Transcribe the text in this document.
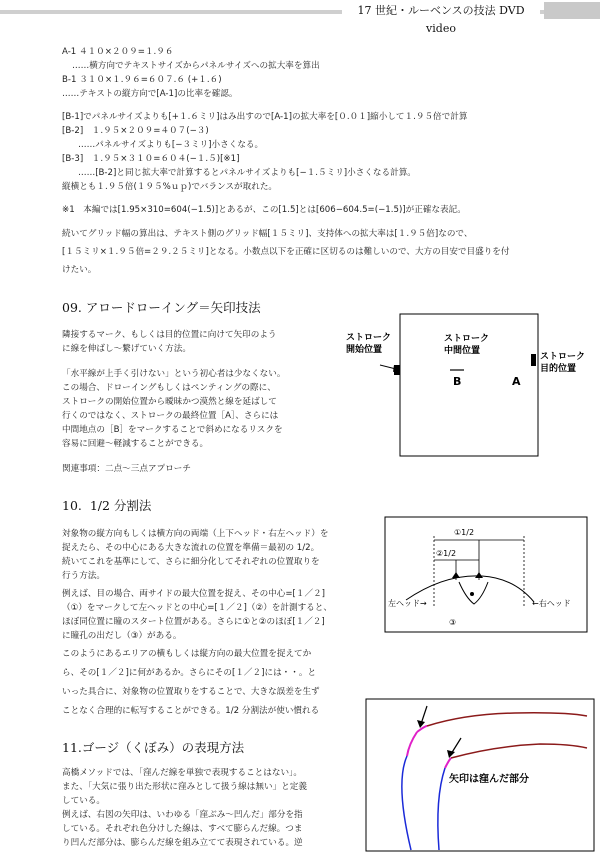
17 世紀・ルーベンスの技法 DVD video
A-1 ４１０×２０９=１.９６
……横方向でテキストサイズからパネルサイズへの拡大率を算出
B-1 ３１０×１.９６=６０７.６ (+１.６)
……テキストの縦方向で[A-1]の比率を確認。
[B-1]でパネルサイズよりも[+１.６ミリ]はみ出すので[A-1]の拡大率を[０.０１]縮小して１.９５倍で計算
[B-2]　１.９５×２０９=４０７(−３)
……パネルサイズよりも[−３ミリ]小さくなる。
[B-3]　１.９５×３１０=６０４(−１.５)[※1]
……[B-2]と同じ拡大率で計算するとパネルサイズよりも[−１.５ミリ]小さくなる計算。
縦横とも１.９５倍(１９５%ｕｐ)でバランスが取れた。
※1　本編では[1.95×310=604(−1.5)]とあるが、この[1.5]とは[606−604.5=(−1.5)]が正確な表記。
続いてグリッド幅の算出は、テキスト側のグリッド幅[１５ミリ]、支持体への拡大率は[１.９５倍]なので、
[１５ミリ×１.９５倍=２９.２５ミリ]となる。小数点以下を正確に区切るのは難しいので、大方の目安で目盛りを付
けたい。
09. アロードローイング＝矢印技法
隣接するマーク、もしくは目的位置に向けて矢印のよう
に線を伸ばし～繋げていく方法。
「水平線が上手く引けない」という初心者は少なくない。
この場合、ドローイングもしくはペンティングの際に、
ストロークの開始位置から曖昧かつ漠然と線を延ばして
行くのではなく、ストロークの最終位置［A］、さらには
中間地点の［B］をマークすることで斜めになるリスクを
容易に回避～軽減することができる。
関連事項：二点～三点アプローチ
ストローク
開始位置
ストローク
中間位置
B	A
ストローク
目的位置
10.  1/2 分割法
対象物の縦方向もしくは横方向の両端（上下ヘッド・右左ヘッド）を
捉えたら、その中心にある大きな流れの位置を準備＝最初の 1/2。
続いてこれを基準にして、さらに細分化してそれぞれの位置取りを
行う方法。
例えば、目の場合、両サイドの最大位置を捉え、その中心=[１／２]
（①）をマークして左ヘッドとの中心=[１／２]（②）を計測すると、
ほぼ同位置に瞳のスタート位置がある。さらに①と②のほぼ[１／２]
に瞳孔の出だし（③）がある。
このようにあるエリアの横もしくは縦方向の最大位置を捉えてか
ら、その[１／２]に何があるか。さらにその[１／２]には・・。と
いった具合に、対象物の位置取りをすることで、大きな誤差を生ず
ことなく合理的に転写することができる。1/2 分割法が使い慣れる
①1/2
②1/2
左ヘッド→	←右ヘッド
③
11.ゴージ（くぼみ）の表現方法
高橋メソッドでは、「窪んだ線を単独で表現することはない」。
また、「大気に張り出た形状に窪みとして扱う線は無い」と定義
している。
例えば、右図の矢印は、いわゆる「窪ぶみ～凹んだ」部分を指
している。それぞれ色分けした線は、すべて膨らんだ線。つま
り凹んだ部分は、膨らんだ線を組み立てて表現されている。逆
矢印は窪んだ部分
